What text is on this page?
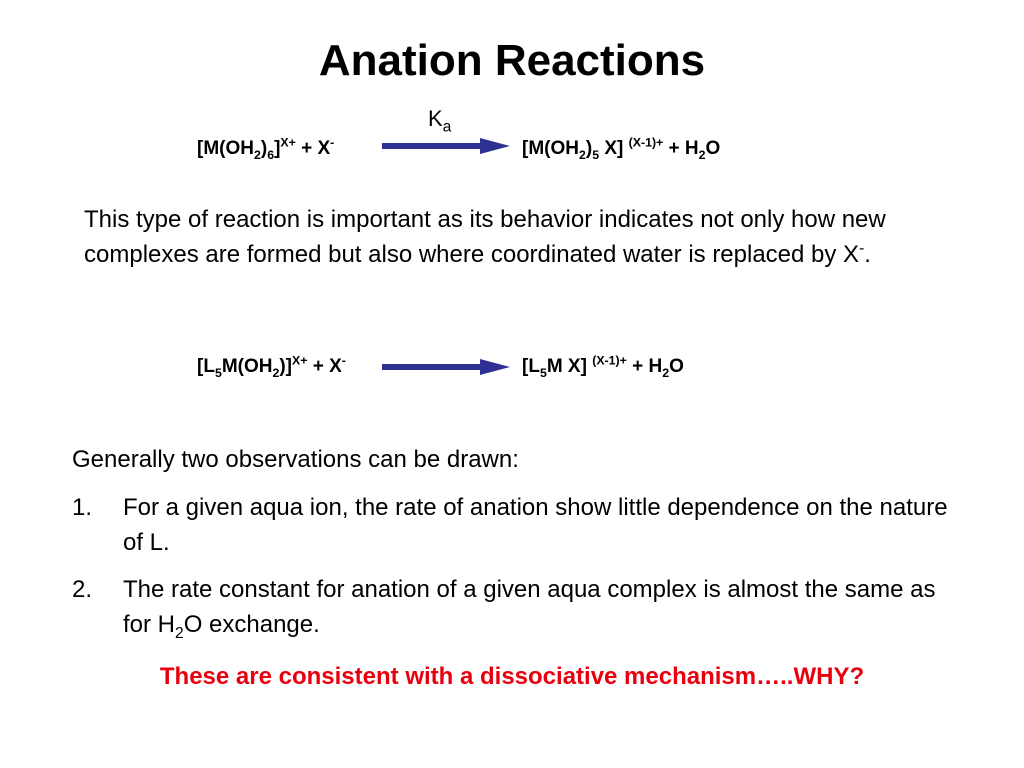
Anation Reactions
$K_a$
$[M(OH_2)_6]^{X+} + X^-$	[$M(OH_2)_5$ X] $^{(X-1)+} + H_2O$
This type of reaction is important as its behavior indicates not only how new complexes are formed but also where coordinated water is replaced by X-.
$[L_5M(OH_2)]^{X+} + X^-$	[$L_5M$ X] $^{(X-1)+} + H_2O$
Generally two observations can be drawn:
1.	For a given aqua ion, the rate of anation show little dependence on the nature of L.
2.	The rate constant for anation of a given aqua complex is almost the same as for $H_2O$ exchange.
These are consistent with a dissociative mechanism…..WHY?
